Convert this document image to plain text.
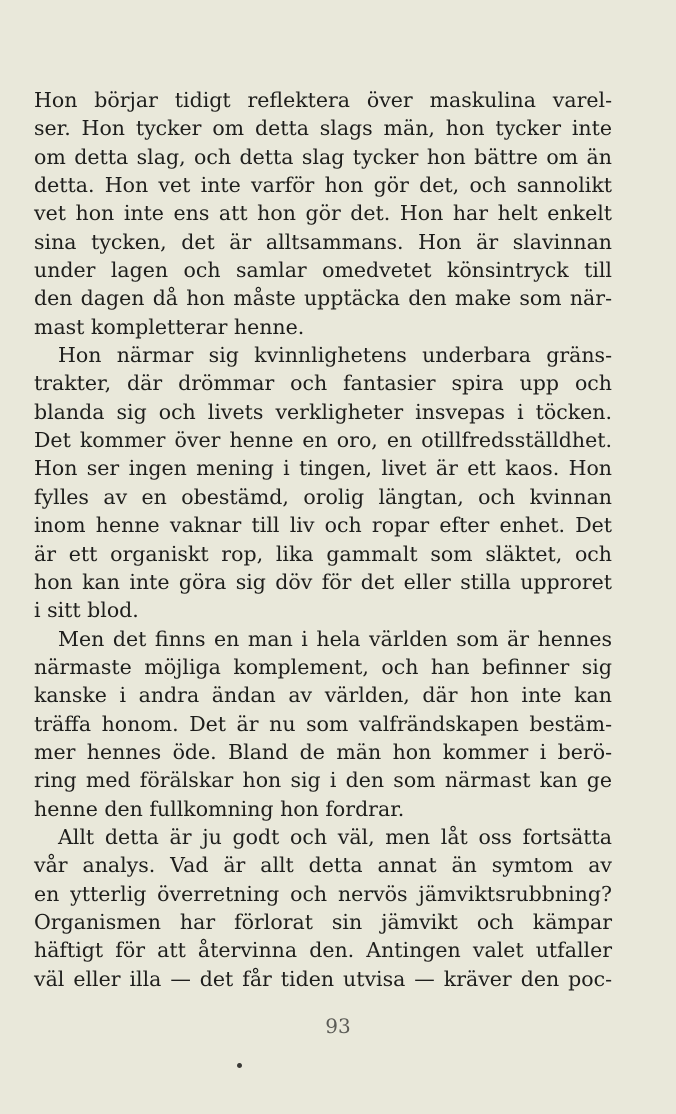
Hon börjar tidigt reflektera över maskulina varel-
ser. Hon tycker om detta slags män, hon tycker inte
om detta slag, och detta slag tycker hon bättre om än
detta. Hon vet inte varför hon gör det, och sannolikt
vet hon inte ens att hon gör det. Hon har helt enkelt
sina tycken, det är alltsammans. Hon är slavinnan
under lagen och samlar omedvetet könsintryck till
den dagen då hon måste upptäcka den make som när-
mast kompletterar henne.
Hon närmar sig kvinnlighetens underbara gräns-
trakter, där drömmar och fantasier spira upp och
blanda sig och livets verkligheter insvepas i töcken.
Det kommer över henne en oro, en otillfredsställdhet.
Hon ser ingen mening i tingen, livet är ett kaos. Hon
fylles av en obestämd, orolig längtan, och kvinnan
inom henne vaknar till liv och ropar efter enhet. Det
är ett organiskt rop, lika gammalt som släktet, och
hon kan inte göra sig döv för det eller stilla upproret
i sitt blod.
Men det finns en man i hela världen som är hennes
närmaste möjliga komplement, och han befinner sig
kanske i andra ändan av världen, där hon inte kan
träffa honom. Det är nu som valfrändskapen bestäm-
mer hennes öde. Bland de män hon kommer i berö-
ring med förälskar hon sig i den som närmast kan ge
henne den fullkomning hon fordrar.
Allt detta är ju godt och väl, men låt oss fortsätta
vår analys. Vad är allt detta annat än symtom av
en ytterlig överretning och nervös jämviktsrubbning?
Organismen har förlorat sin jämvikt och kämpar
häftigt för att återvinna den. Antingen valet utfaller
väl eller illa — det får tiden utvisa — kräver den poc-
93
